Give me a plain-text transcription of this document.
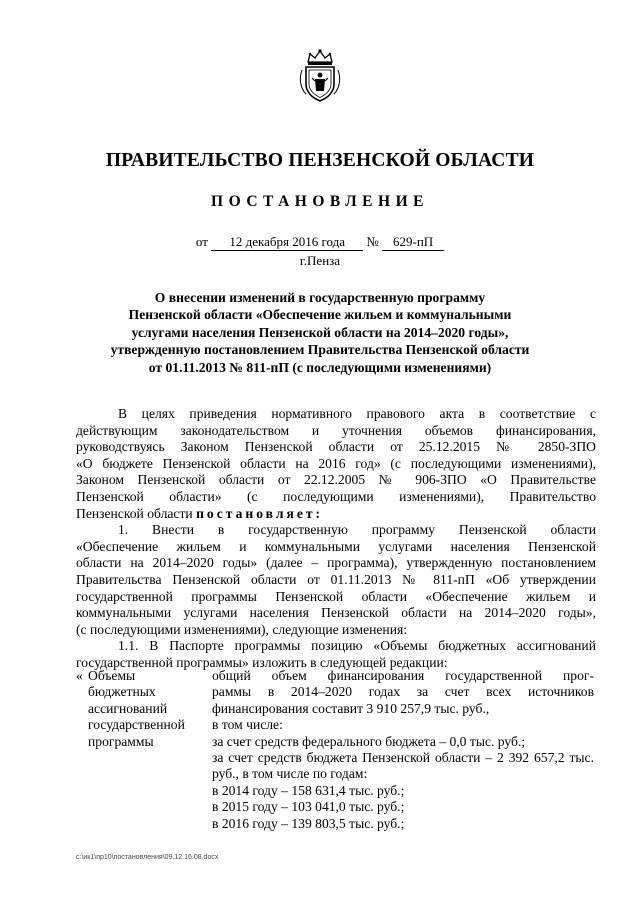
ПРАВИТЕЛЬСТВО ПЕНЗЕНСКОЙ ОБЛАСТИ
ПОСТАНОВЛЕНИЕ
от 12 декабря 2016 года № 629-пП
г.Пенза
О внесении изменений в государственную программу
Пензенской области «Обеспечение жильем и коммунальными
услугами населения Пензенской области на 2014–2020 годы»,
утвержденную постановлением Правительства Пензенской области
от 01.11.2013 № 811-пП (с последующими изменениями)

В целях приведения нормативного правового акта в соответствие с

действующим законодательством и уточнения объемов финансирования,

руководствуясь Законом Пензенской области от 25.12.2015 № 2850-ЗПО

«О бюджете Пензенской области на 2016 год» (с последующими изменениями),

Законом Пензенской области от 22.12.2005 № 906-ЗПО «О Правительстве

Пензенской области» (с последующими изменениями), Правительство

Пензенской области постановляет:

1. Внести в государственную программу Пензенской области

«Обеспечение жильем и коммунальными услугами населения Пензенской

области на 2014–2020 годы» (далее – программа), утвержденную постановлением

Правительства Пензенской области от 01.11.2013 № 811-пП «Об утверждении

государственной программы Пензенской области «Обеспечение жильем и

коммунальными услугами населения Пензенской области на 2014–2020 годы»,

(с последующими изменениями), следующие изменения:

1.1. В Паспорте программы позицию «Объемы бюджетных ассигнований

государственной программы» изложить в следующей редакции:

« Объемы
бюджетных
ассигнований
государственной
программы
общий объем финансирования государственной прог-
раммы в 2014–2020 годах за счет всех источников
финансирования составит 3 910 257,9 тыс. руб.,
в том числе:
за счет средств федерального бюджета – 0,0 тыс. руб.;
за счет средств бюджета Пензенской области – 2 392 657,2 тыс.
руб., в том числе по годам:
в 2014 году – 158 631,4 тыс. руб.;
в 2015 году – 103 041,0 тыс. руб.;
в 2016 году – 139 803,5 тыс. руб.;
c:\ик1\пр10\постановления\09.12.16.08.docx
